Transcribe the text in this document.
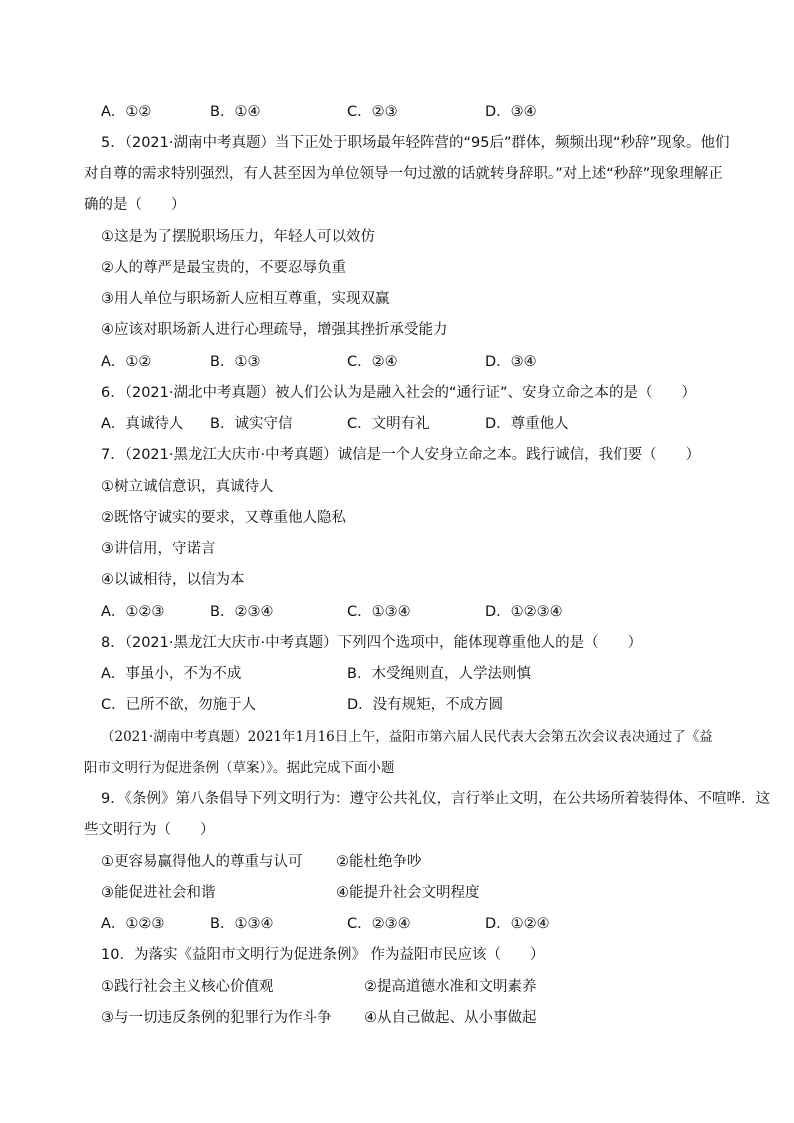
A．①②	B．①④	C．②③	D．③④
5．（2021·湖南中考真题）当下正处于职场最年轻阵营的“95后”群体，频频出现“秒辞”现象。他们
对自尊的需求特别强烈，有人甚至因为单位领导一句过激的话就转身辞职。”对上述“秒辞”现象理解正
确的是（　　）
①这是为了摆脱职场压力，年轻人可以效仿
②人的尊严是最宝贵的，不要忍辱负重
③用人单位与职场新人应相互尊重，实现双赢
④应该对职场新人进行心理疏导，增强其挫折承受能力
A．①②	B．①③	C．②④	D．③④
6．（2021·湖北中考真题）被人们公认为是融入社会的“通行证”、安身立命之本的是（　　）
A．真诚待人 B．诚实守信	C．文明有礼	D．尊重他人
7．（2021·黑龙江大庆市·中考真题）诚信是一个人安身立命之本。践行诚信，我们要（　　）
①树立诚信意识，真诚待人
②既恪守诚实的要求，又尊重他人隐私
③讲信用，守诺言
④以诚相待，以信为本
A．①②③	B．②③④	C．①③④	D．①②③④
8．（2021·黑龙江大庆市·中考真题）下列四个选项中，能体现尊重他人的是（　　）
A．事虽小，不为不成	B．木受绳则直，人学法则慎
C．已所不欲，勿施于人	D．没有规矩，不成方圆
（2021·湖南中考真题）2021年1月16日上午，益阳市第六届人民代表大会第五次会议表决通过了《益
阳市文明行为促进条例（草案）》。据此完成下面小题
9．《条例》第八条倡导下列文明行为：遵守公共礼仪，言行举止文明，在公共场所着装得体、不喧哗．这
些文明行为（　　）
①更容易赢得他人的尊重与认可 ②能杜绝争吵
③能促进社会和谐	④能提升社会文明程度
A．①②③	B．①③④	C．②③④	D．①②④
10．为落实《益阳市文明行为促进条例》 作为益阳市民应该（　　）
①践行社会主义核心价值观	②提高道德水准和文明素养
③与一切违反条例的犯罪行为作斗争 ④从自己做起、从小事做起
